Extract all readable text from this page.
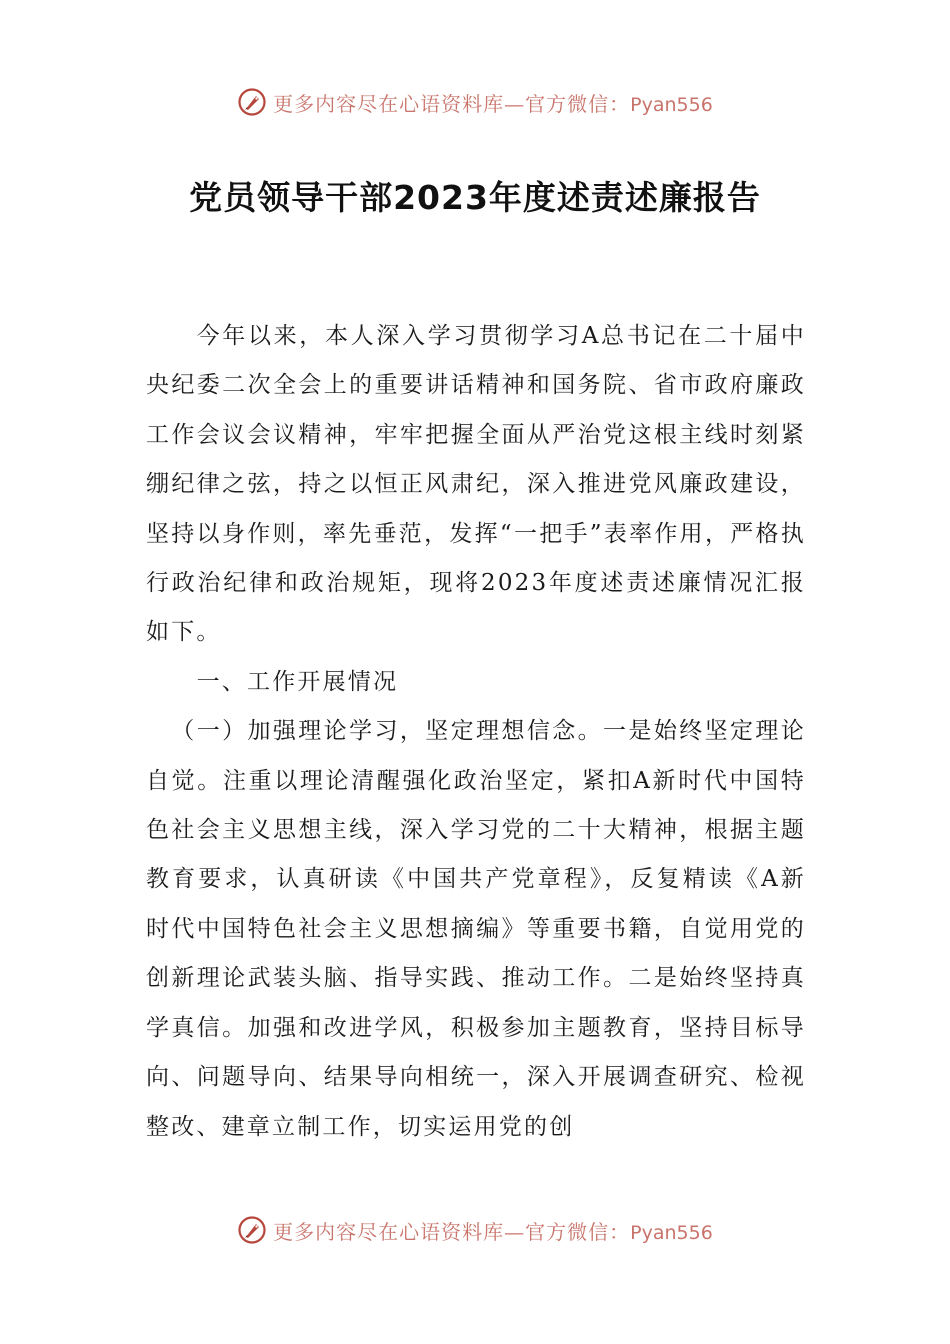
更多内容尽在心语资料库—官方微信：Pyan556
党员领导干部2023年度述责述廉报告

今年以来，本人深入学习贯彻学习A总书记在二十届中央纪委二次全会上的重要讲话精神和国务院、省市政府廉政工作会议会议精神，牢牢把握全面从严治党这根主线时刻紧绷纪律之弦，持之以恒正风肃纪，深入推进党风廉政建设，坚持以身作则，率先垂范，发挥“一把手”表率作用，严格执行政治纪律和政治规矩，现将2023年度述责述廉情况汇报如下。

一、工作开展情况

（一）加强理论学习，坚定理想信念。一是始终坚定理论自觉。注重以理论清醒强化政治坚定，紧扣A新时代中国特色社会主义思想主线，深入学习党的二十大精神，根据主题教育要求，认真研读《中国共产党章程》，反复精读《A新时代中国特色社会主义思想摘编》等重要书籍，自觉用党的创新理论武装头脑、指导实践、推动工作。二是始终坚持真学真信。加强和改进学风，积极参加主题教育，坚持目标导向、问题导向、结果导向相统一，深入开展调查研究、检视整改、建章立制工作，切实运用党的创

更多内容尽在心语资料库—官方微信：Pyan556
